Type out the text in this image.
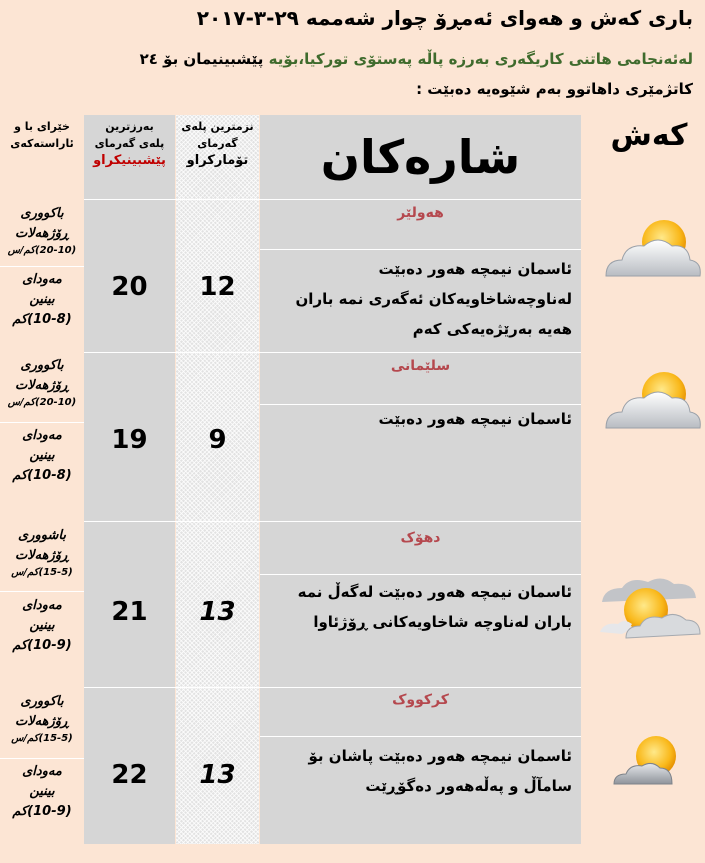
باری کەش و هەوای ئەمڕۆ چوار شەممە ٢٩-٣-٢٠١٧
لەئەنجامی هاتنی کاریگەری بەرزە پاڵە پەستۆی تورکیا،بۆیە پێشبینیمان بۆ ٢٤
کاتژمێری داهاتوو بەم شێوەیە دەبێت :
کەش
شارەکان
نزمترین پلەی
گەرمای
تۆمارکراو
بەرزترین
پلەی گەرمای
پێشبینیکراو
خێرای با و
ئاراستەکەی
هەولێر
ئاسمان نیمچە هەور دەبێت لەناوچەشاخاویەکان ئەگەری نمە باران هەیە بەرێژەیەکی کەم
12
20
سلێمانی
ئاسمان نیمچە هەور دەبێت
9
19
دهۆک
ئاسمان نیمچە هەور دەبێت لەگەڵ نمە باران لەناوچە شاخاویەکانی ڕۆژئاوا
13
21
کرکووک
ئاسمان نیمچە هەور دەبێت پاشان بۆ سامآڵ و پەڵەهەور دەگۆڕێت
13
22
باکووری
ڕۆژهەلات
(20-10)کم/س
مەودای
بینین
(10-8)کم
باکووری
ڕۆژهەلات
(20-10)کم/س
مەودای
بینین
(10-8)کم
باشووری
ڕۆژهەلات
(15-5)کم/س
مەودای
بینین
(10-9)کم
باکووری
ڕۆژهەلات
(15-5)کم/س
مەودای
بینین
(10-9)کم
